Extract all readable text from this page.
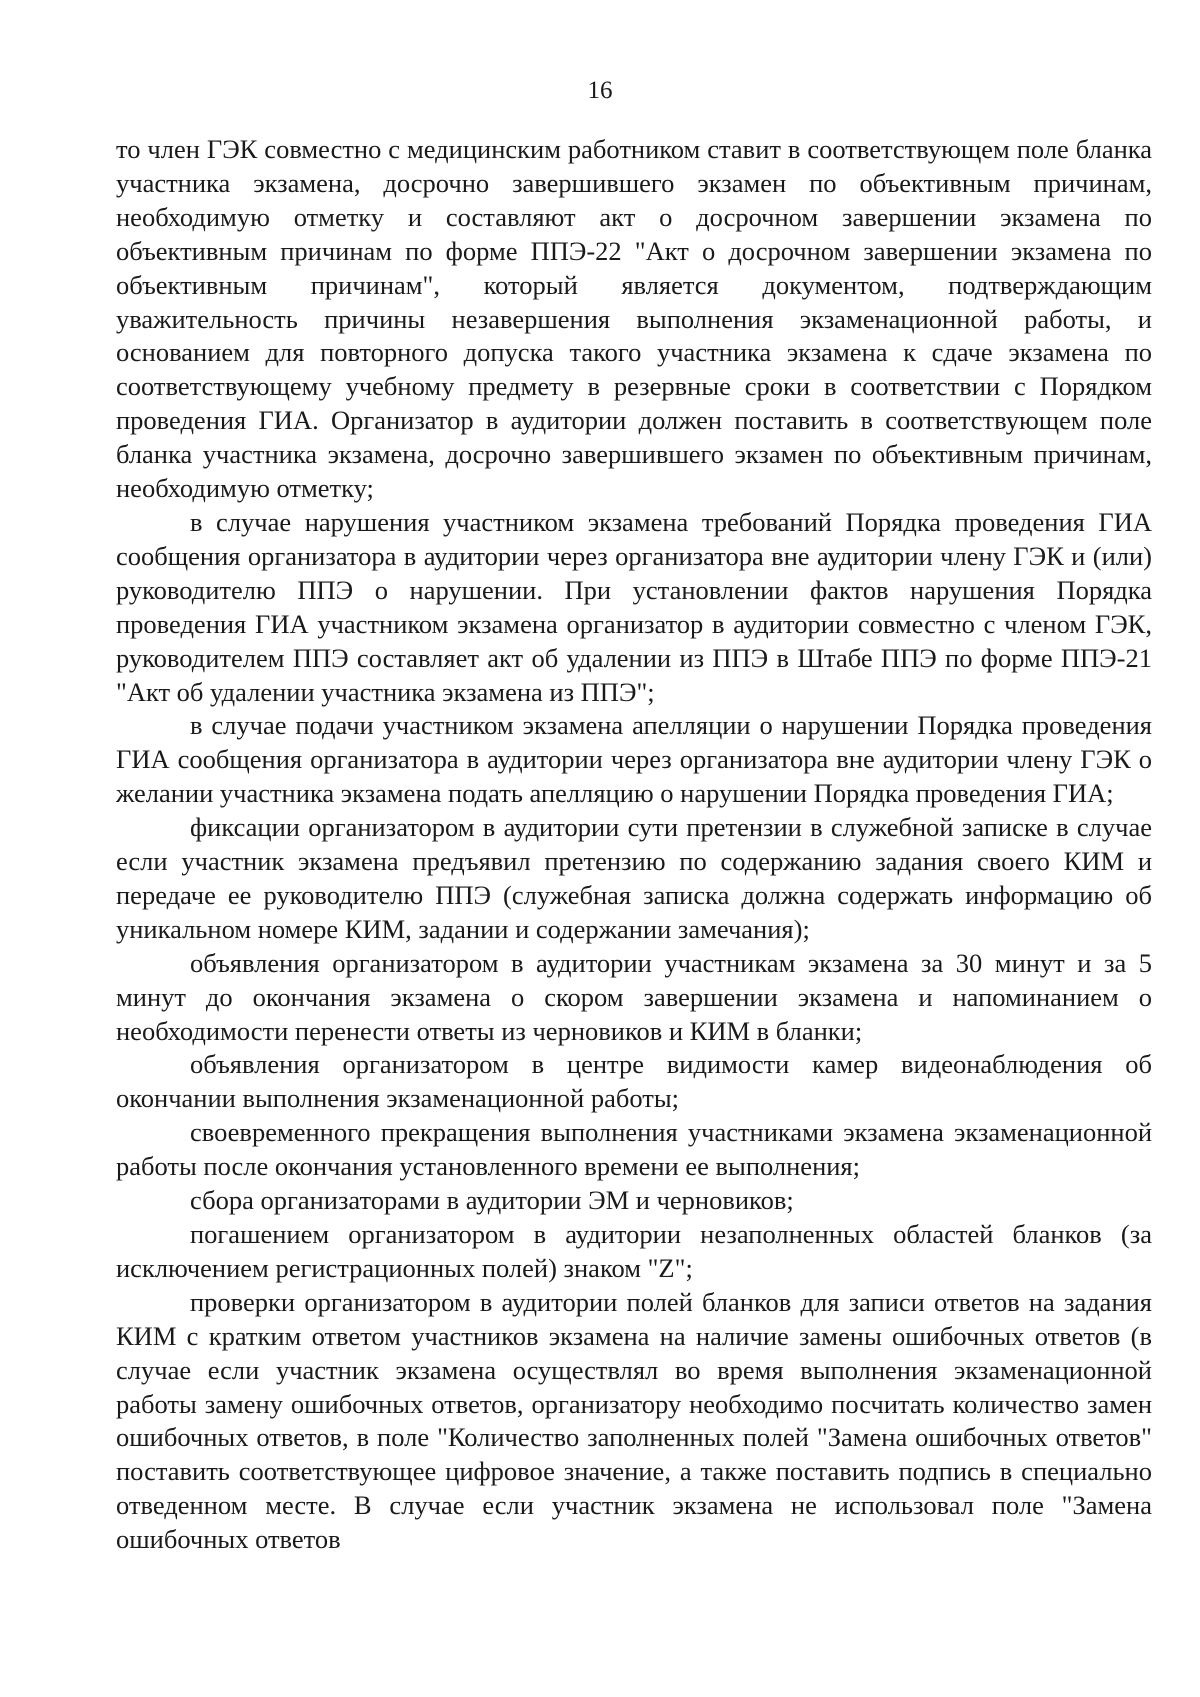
16

то член ГЭК совместно с медицинским работником ставит в соответствующем поле бланка участника экзамена, досрочно завершившего экзамен по объективным причинам, необходимую отметку и составляют акт о досрочном завершении экзамена по объективным причинам по форме ППЭ-22 "Акт о досрочном завершении экзамена по объективным причинам", который является документом, подтверждающим уважительность причины незавершения выполнения экзаменационной работы, и основанием для повторного допуска такого участника экзамена к сдаче экзамена по соответствующему учебному предмету в резервные сроки в соответствии с Порядком проведения ГИА. Организатор в аудитории должен поставить в соответствующем поле бланка участника экзамена, досрочно завершившего экзамен по объективным причинам, необходимую отметку;

в случае нарушения участником экзамена требований Порядка проведения ГИА сообщения организатора в аудитории через организатора вне аудитории члену ГЭК и (или) руководителю ППЭ о нарушении. При установлении фактов нарушения Порядка проведения ГИА участником экзамена организатор в аудитории совместно с членом ГЭК, руководителем ППЭ составляет акт об удалении из ППЭ в Штабе ППЭ по форме ППЭ-21 "Акт об удалении участника экзамена из ППЭ";

в случае подачи участником экзамена апелляции о нарушении Порядка проведения ГИА сообщения организатора в аудитории через организатора вне аудитории члену ГЭК о желании участника экзамена подать апелляцию о нарушении Порядка проведения ГИА;

фиксации организатором в аудитории сути претензии в служебной записке в случае если участник экзамена предъявил претензию по содержанию задания своего КИМ и передаче ее руководителю ППЭ (служебная записка должна содержать информацию об уникальном номере КИМ, задании и содержании замечания);

объявления организатором в аудитории участникам экзамена за 30 минут и за 5 минут до окончания экзамена о скором завершении экзамена и напоминанием о необходимости перенести ответы из черновиков и КИМ в бланки;

объявления организатором в центре видимости камер видеонаблюдения об окончании выполнения экзаменационной работы;

своевременного прекращения выполнения участниками экзамена экзаменационной работы после окончания установленного времени ее выполнения;

сбора организаторами в аудитории ЭМ и черновиков;

погашением организатором в аудитории незаполненных областей бланков (за исключением регистрационных полей) знаком "Z";

проверки организатором в аудитории полей бланков для записи ответов на задания КИМ с кратким ответом участников экзамена на наличие замены ошибочных ответов (в случае если участник экзамена осуществлял во время выполнения экзаменационной работы замену ошибочных ответов, организатору необходимо посчитать количество замен ошибочных ответов, в поле "Количество заполненных полей "Замена ошибочных ответов" поставить соответствующее цифровое значение, а также поставить подпись в специально отведенном месте. В случае если участник экзамена не использовал поле "Замена ошибочных ответов
